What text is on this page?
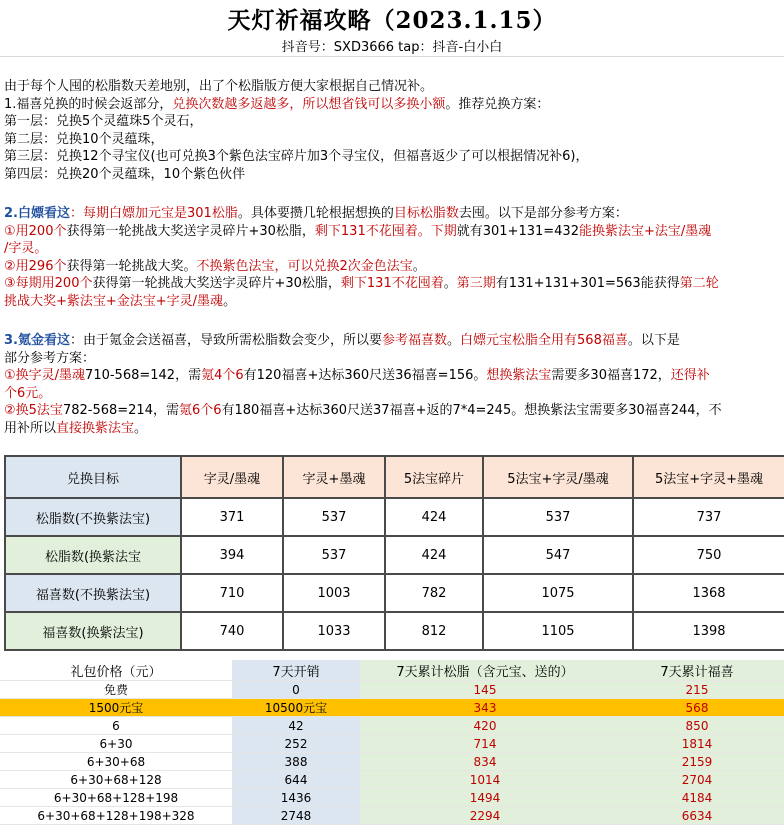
天灯祈福攻略（2023.1.15）
抖音号：SXD3666 tap：抖音-白小白
由于每个人囤的松脂数天差地别，出了个松脂版方便大家根据自己情况补。
1.福喜兑换的时候会返部分，兑换次数越多返越多，所以想省钱可以多换小额。推荐兑换方案：
第一层：兑换5个灵蕴珠5个灵石，
第二层：兑换10个灵蕴珠，
第三层：兑换12个寻宝仪(也可兑换3个紫色法宝碎片加3个寻宝仪，但福喜返少了可以根据情况补6)，
第四层：兑换20个灵蕴珠，10个紫色伙伴
2.白嫖看这：每期白嫖加元宝是301松脂。具体要攒几轮根据想换的目标松脂数去囤。以下是部分参考方案：
①用200个获得第一轮挑战大奖送字灵碎片+30松脂，剩下131不花囤着。下期就有301+131=432能换紫法宝+法宝/墨魂
/字灵。
②用296个获得第一轮挑战大奖。不换紫色法宝，可以兑换2次金色法宝。
③每期用200个获得第一轮挑战大奖送字灵碎片+30松脂，剩下131不花囤着。第三期有131+131+301=563能获得第二轮
挑战大奖+紫法宝+金法宝+字灵/墨魂。
3.氪金看这：由于氪金会送福喜，导致所需松脂数会变少，所以要参考福喜数。白嫖元宝松脂全用有568福喜。以下是
部分参考方案：
①换字灵/墨魂710-568=142，需氪4个6有120福喜+达标360尺送36福喜=156。想换紫法宝需要多30福喜172，还得补
个6元。
②换5法宝782-568=214，需氪6个6有180福喜+达标360尺送37福喜+返的7*4=245。想换紫法宝需要多30福喜244，不
用补所以直接换紫法宝。
兑换目标	字灵/墨魂	字灵+墨魂	5法宝碎片	5法宝+字灵/墨魂	5法宝+字灵+墨魂
松脂数(不换紫法宝)	371	537	424	537	737
松脂数(换紫法宝	394	537	424	547	750
福喜数(不换紫法宝)	710	1003	782	1075	1368
福喜数(换紫法宝)	740	1033	812	1105	1398
礼包价格（元）	7天开销	7天累计松脂（含元宝、送的）	7天累计福喜
免费	0	145	215
1500元宝	10500元宝	343	568
6	42	420	850
6+30	252	714	1814
6+30+68	388	834	2159
6+30+68+128	644	1014	2704
6+30+68+128+198	1436	1494	4184
6+30+68+128+198+328	2748	2294	6634
